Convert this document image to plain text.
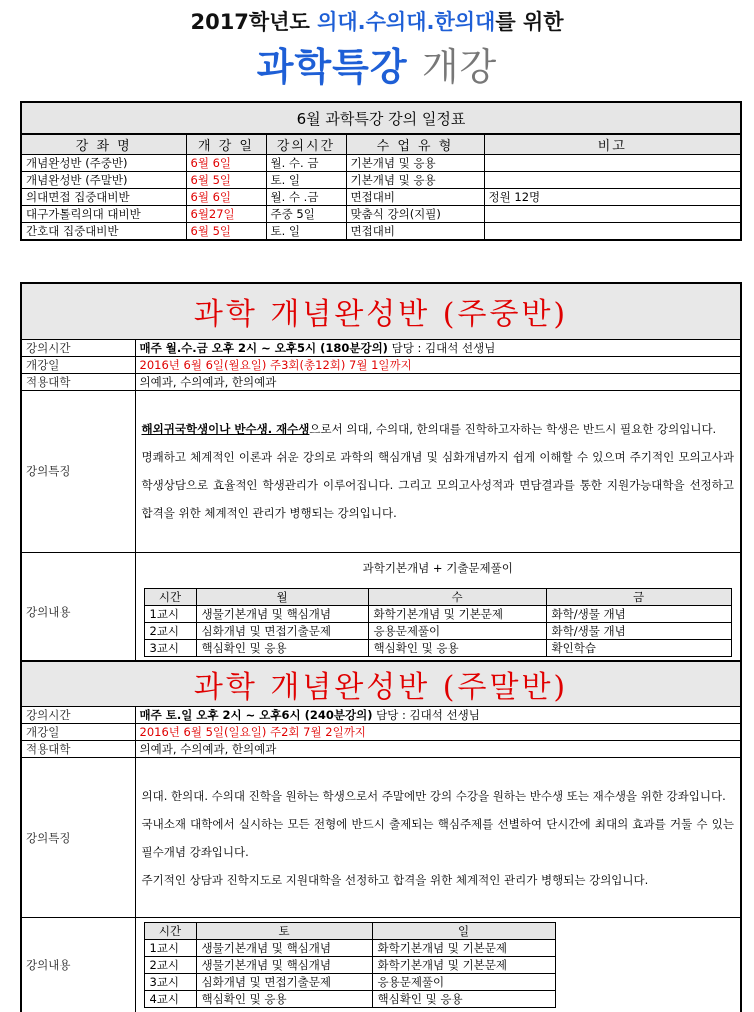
2017학년도 의대.수의대.한의대를 위한
과학특강 개강
6월 과학특강 강의 일정표				
강 좌 명	개 강 일	강의시간	수 업 유 형	비고
개념완성반 (주중반)	6월 6일	월. 수. 금	기본개념 및 응용	
개념완성반 (주말반)	6월 5일	토. 일	기본개념 및 응용	
의대면접 집중대비반	6월 6일	월. 수 .금	면접대비	정원 12명
대구가톨릭의대 대비반	6월27일	주중 5일	맞춤식 강의(지필)	
간호대 집중대비반	6월 5일	토. 일	면접대비	
과학 개념완성반 (주중반)
강의시간	매주 월.수.금 오후 2시 ~ 오후5시 (180분강의) 담당 : 김대석 선생님
개강일	2016년 6월 6일(월요일) 주3회(총12회) 7월 1일까지
적용대학	의예과, 수의예과, 한의예과
강의특징	
해외귀국학생이나 반수생. 재수생으로서 의대, 수의대, 한의대를 진학하고자하는 학생은 반드시 필요한 강의입니다.
명쾌하고 체계적인 이론과 쉬운 강의로 과학의 핵심개념 및 심화개념까지 쉽게 이해할 수 있으며 주기적인 모의고사과 학생상담으로 효율적인 학생관리가 이루어집니다. 그리고 모의고사성적과 면담결과를 통한 지원가능대학을 선정하고 합격을 위한 체계적인 관리가 병행되는 강의입니다.

강의내용	
과학기본개념 + 기출문제풀이
시간	월	수	금
1교시	생물기본개념 및 핵심개념	화학기본개념 및 기본문제	화학/생물 개념
2교시	심화개념 및 면접기출문제	응용문제풀이	화학/생물 개념
3교시	핵심확인 및 응용	핵심확인 및 응용	확인학습
과학 개념완성반 (주말반)
강의시간	매주 토.일 오후 2시 ~ 오후6시 (240분강의) 담당 : 김대석 선생님
개강일	2016년 6월 5일(일요일) 주2회 7월 2일까지
적용대학	의예과, 수의예과, 한의예과
강의특징	
의대. 한의대. 수의대 진학을 원하는 학생으로서 주말에만 강의 수강을 원하는 반수생 또는 재수생을 위한 강좌입니다.
국내소재 대학에서 실시하는 모든 전형에 반드시 출제되는 핵심주제를 선별하여 단시간에 최대의 효과를 거둘 수 있는 필수개념 강좌입니다.
주기적인 상담과 진학지도로 지원대학을 선정하고 합격을 위한 체계적인 관리가 병행되는 강의입니다.

강의내용	
시간	토	일
1교시	생물기본개념 및 핵심개념	화학기본개념 및 기본문제
2교시	생물기본개념 및 핵심개념	화학기본개념 및 기본문제
3교시	심화개념 및 면접기출문제	응용문제풀이
4교시	핵심확인 및 응용	핵심확인 및 응용
